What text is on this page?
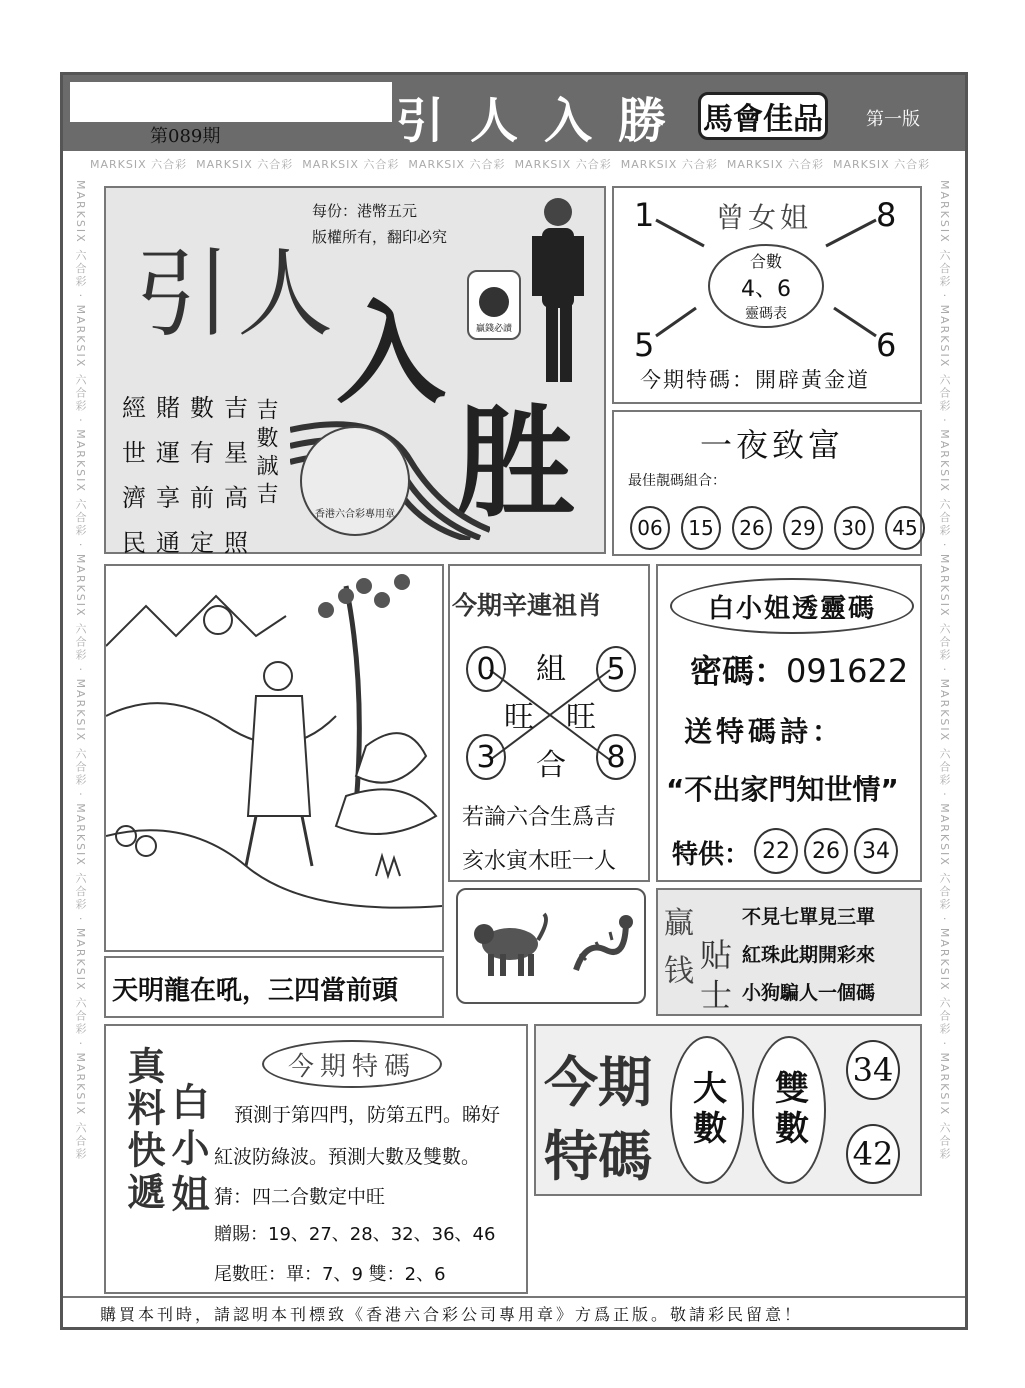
第089期	引人入勝 馬會佳品 第一版
MARKSIX 六合彩 MARKSIX 六合彩 MARKSIX 六合彩 MARKSIX 六合彩 MARKSIX 六合彩 MARKSIX 六合彩 MARKSIX 六合彩 MARKSIX 六合彩
MARKSIX 六合彩 · MARKSIX 六合彩 · MARKSIX 六合彩 · MARKSIX 六合彩 · MARKSIX 六合彩 · MARKSIX 六合彩 · MARKSIX 六合彩 · MARKSIX 六合彩
MARKSIX 六合彩 · MARKSIX 六合彩 · MARKSIX 六合彩 · MARKSIX 六合彩 · MARKSIX 六合彩 · MARKSIX 六合彩 · MARKSIX 六合彩 · MARKSIX 六合彩
每份：港幣五元
版權所有，翻印必究
引人
入
胜
贏錢必讀
香港六合彩專用章
經賭數吉
世運有星
濟享前高
民通定照
吉數誠吉
曾女姐
1	8
5	6
合數
4、6
靈碼表
今期特碼：開辟黃金道
一夜致富
最佳靚碼組合：
06	15	26	29	30	45
天明龍在吼，三四當前頭
今期辛連祖肖
0	5
3	8
組
旺 旺
合
若論六合生爲吉
亥水寅木旺一人
白小姐透靈碼
密碼：091622
送特碼詩：
“不出家門知世情”
特供： 22	26	34
贏
钱 贴
士
不見七單見三單
紅珠此期開彩來
小狗騙人一個碼
真料快遞 白小姐
今期特碼
預測于第四門，防第五門。睇好
紅波防綠波。預測大數及雙數。
猜：四二合數定中旺
贈賜：19、27、28、32、36、46
尾數旺：單：7、9 雙：2、6
今期
特碼
大數 雙數 34
42
購買本刊時，請認明本刊標致《香港六合彩公司專用章》方爲正版。敬請彩民留意！
